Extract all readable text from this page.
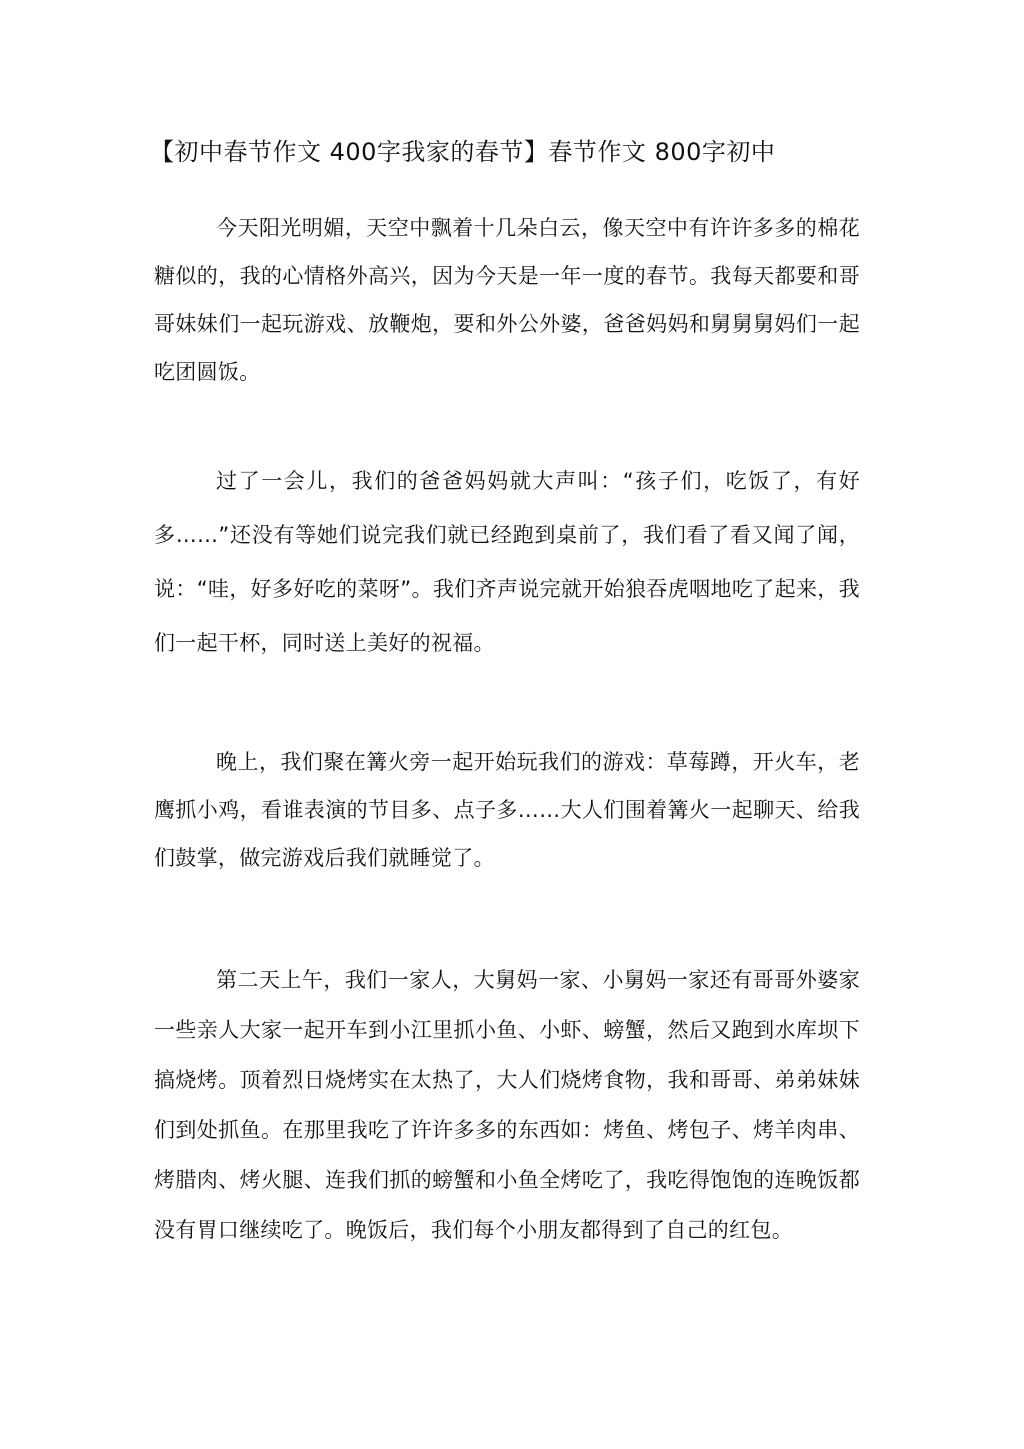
【初中春节作文 400字我家的春节】春节作文 800字初中

今天阳光明媚，天空中飘着十几朵白云，像天空中有许许多多的棉花糖似的，我的心情格外高兴，因为今天是一年一度的春节。我每天都要和哥哥妹妹们一起玩游戏、放鞭炮，要和外公外婆，爸爸妈妈和舅舅舅妈们一起吃团圆饭。

过了一会儿，我们的爸爸妈妈就大声叫：“孩子们，吃饭了，有好多……”还没有等她们说完我们就已经跑到桌前了，我们看了看又闻了闻，说：“哇，好多好吃的菜呀”。我们齐声说完就开始狼吞虎咽地吃了起来，我们一起干杯，同时送上美好的祝福。

晚上，我们聚在篝火旁一起开始玩我们的游戏：草莓蹲，开火车，老鹰抓小鸡，看谁表演的节目多、点子多……大人们围着篝火一起聊天、给我们鼓掌，做完游戏后我们就睡觉了。

第二天上午，我们一家人，大舅妈一家、小舅妈一家还有哥哥外婆家一些亲人大家一起开车到小江里抓小鱼、小虾、螃蟹，然后又跑到水库坝下搞烧烤。顶着烈日烧烤实在太热了，大人们烧烤食物，我和哥哥、弟弟妹妹们到处抓鱼。在那里我吃了许许多多的东西如：烤鱼、烤包子、烤羊肉串、烤腊肉、烤火腿、连我们抓的螃蟹和小鱼全烤吃了，我吃得饱饱的连晚饭都没有胃口继续吃了。晚饭后，我们每个小朋友都得到了自己的红包。
